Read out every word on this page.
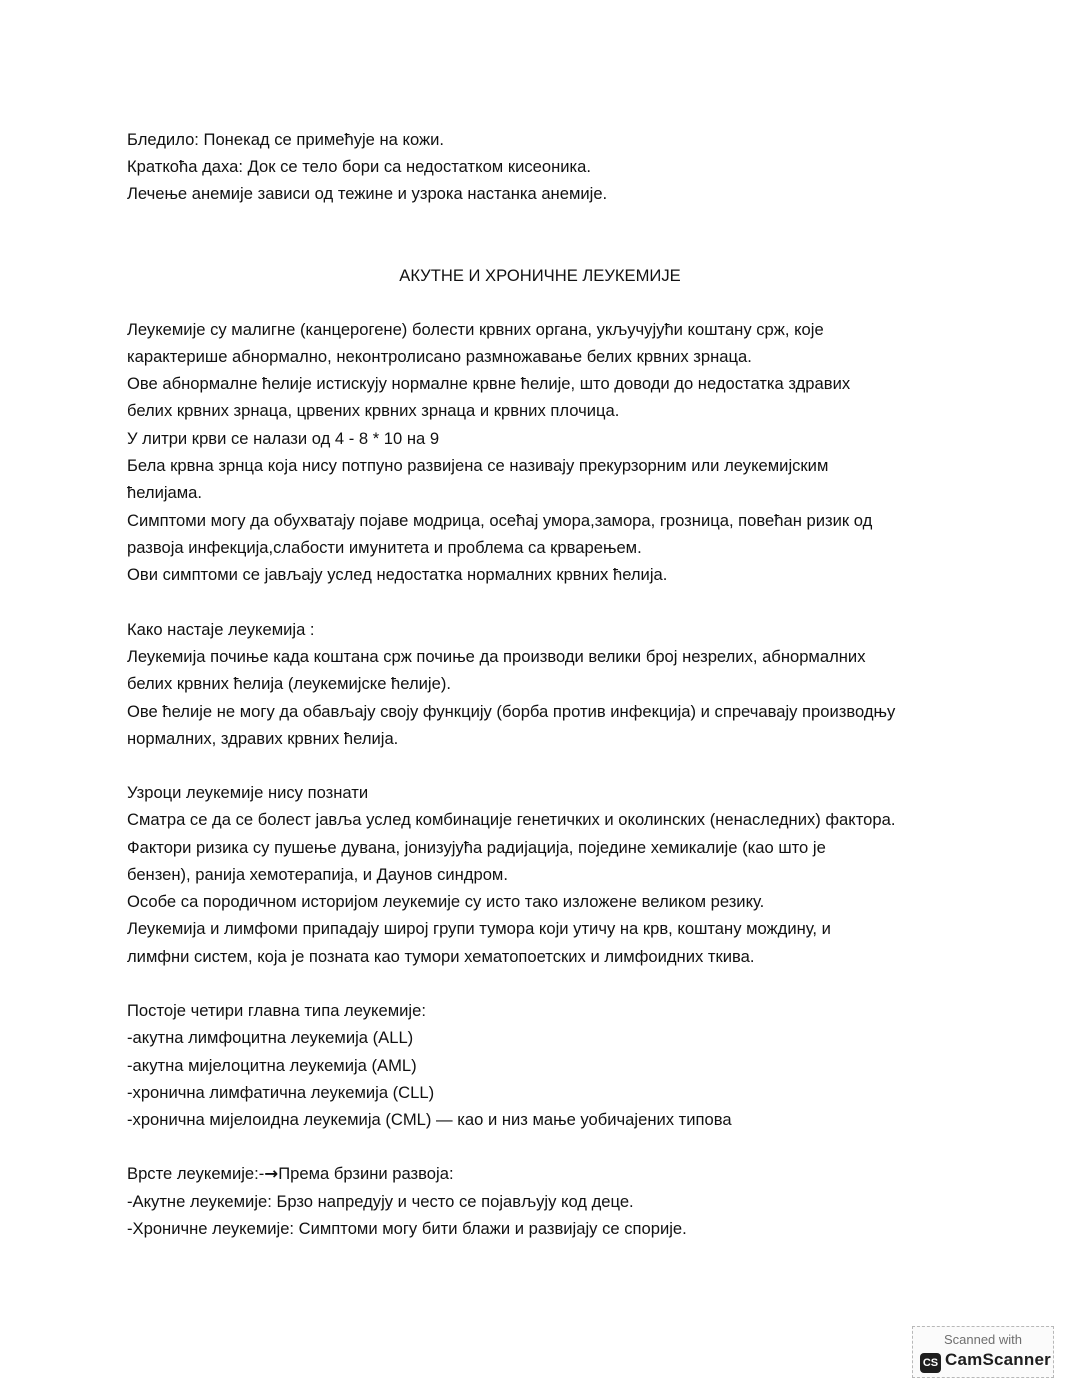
Бледило: Понекад се примећује на кожи.
Краткоћа даха: Док се тело бори са недостатком кисеоника.
Лечење анемије зависи од тежине и узрока настанка анемије.
АКУТНЕ И ХРОНИЧНЕ ЛЕУКЕМИЈЕ
Леукемије су малигне (канцерогене) болести крвних органа, укључујући коштану срж, које
карактерише абнормално, неконтролисано размножавање белих крвних зрнаца.
Ове абнормалне ћелије истискују нормалне крвне ћелије, што доводи до недостатка здравих
белих крвних зрнаца, црвених крвних зрнаца и крвних плочица.
У литри крви се налази од 4 - 8 * 10 на 9
Бела крвна зрнца која нису потпуно развијена се називају прекурзорним или леукемијским
ћелијама.
Симптоми могу да обухватају појаве модрица, осећај умора,замора, грозница, повећан ризик од
развоја инфекција,слабости имунитета и проблема са крварењем.
Ови симптоми се јављају услед недостатка нормалних крвних ћелија.
Како настаје леукемија :
Леукемија почиње када коштана срж почиње да производи велики број незрелих, абнормалних
белих крвних ћелија (леукемијске ћелије).
Ове ћелије не могу да обављају своју функцију (борба против инфекција) и спречавају производњу
нормалних, здравих крвних ћелија.
Узроци леукемије нису познати
Сматра се да се болест јавља услед комбинације генетичких и околинских (ненаследних) фактора.
Фактори ризика су пушење дувана, јонизујућа радијација, поједине хемикалије (као што је
бензен), ранија хемотерапија, и Даунов синдром.
Особе са породичном историјом леукемије су исто тако изложене великом резику.
Леукемија и лимфоми припадају широј групи тумора који утичу на крв, коштану мождину, и
лимфни систем, која је позната као тумори хематопоетских и лимфоидних ткива.
Постоје четири главна типа леукемије:
-акутна лимфоцитна леукемија (ALL)
-акутна мијелоцитна леукемија (AML)
-хронична лимфатична леукемија (CLL)
-хронична мијелоидна леукемија (CML) — као и низ мање уобичајених типова
Врсте леукемије:-→Према брзини развоја:
-Акутне леукемије: Брзо напредују и често се појављују код деце.
-Хроничне леукемије: Симптоми могу бити блажи и развијају се спорије.
Scanned with
CS CamScanner
